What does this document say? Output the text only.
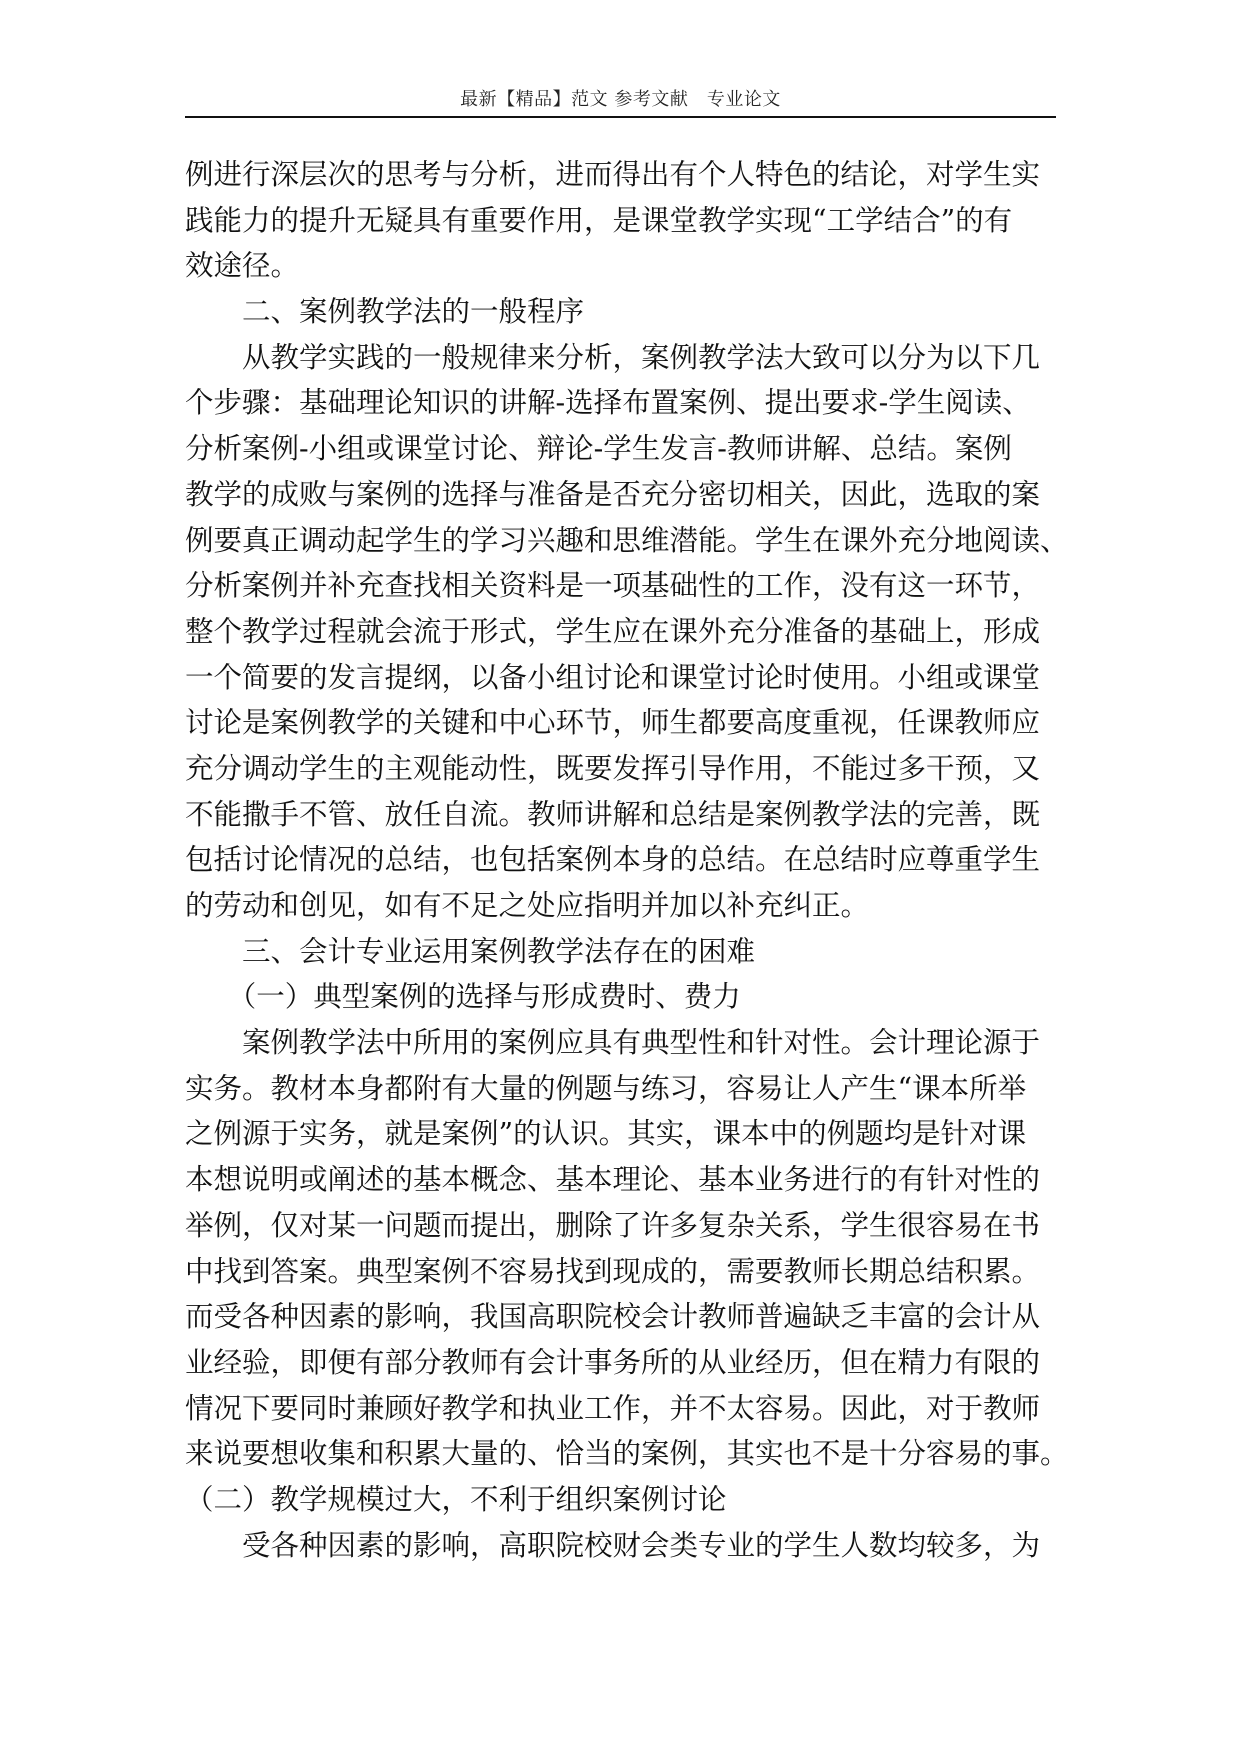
最新【精品】范文 参考文献　专业论文
例进行深层次的思考与分析，进而得出有个人特色的结论，对学生实
践能力的提升无疑具有重要作用，是课堂教学实现“工学结合”的有
效途径。
　　二、案例教学法的一般程序
　　从教学实践的一般规律来分析，案例教学法大致可以分为以下几
个步骤：基础理论知识的讲解-选择布置案例、提出要求-学生阅读、
分析案例-小组或课堂讨论、辩论-学生发言-教师讲解、总结。案例
教学的成败与案例的选择与准备是否充分密切相关，因此，选取的案
例要真正调动起学生的学习兴趣和思维潜能。学生在课外充分地阅读、
分析案例并补充查找相关资料是一项基础性的工作，没有这一环节，
整个教学过程就会流于形式，学生应在课外充分准备的基础上，形成
一个简要的发言提纲，以备小组讨论和课堂讨论时使用。小组或课堂
讨论是案例教学的关键和中心环节，师生都要高度重视，任课教师应
充分调动学生的主观能动性，既要发挥引导作用，不能过多干预，又
不能撒手不管、放任自流。教师讲解和总结是案例教学法的完善，既
包括讨论情况的总结，也包括案例本身的总结。在总结时应尊重学生
的劳动和创见，如有不足之处应指明并加以补充纠正。
　　三、会计专业运用案例教学法存在的困难
　　（一）典型案例的选择与形成费时、费力
　　案例教学法中所用的案例应具有典型性和针对性。会计理论源于
实务。教材本身都附有大量的例题与练习，容易让人产生“课本所举
之例源于实务，就是案例”的认识。其实，课本中的例题均是针对课
本想说明或阐述的基本概念、基本理论、基本业务进行的有针对性的
举例，仅对某一问题而提出，删除了许多复杂关系，学生很容易在书
中找到答案。典型案例不容易找到现成的，需要教师长期总结积累。
而受各种因素的影响，我国高职院校会计教师普遍缺乏丰富的会计从
业经验，即便有部分教师有会计事务所的从业经历，但在精力有限的
情况下要同时兼顾好教学和执业工作，并不太容易。因此，对于教师
来说要想收集和积累大量的、恰当的案例，其实也不是十分容易的事。
（二）教学规模过大，不利于组织案例讨论
　　受各种因素的影响，高职院校财会类专业的学生人数均较多，为
